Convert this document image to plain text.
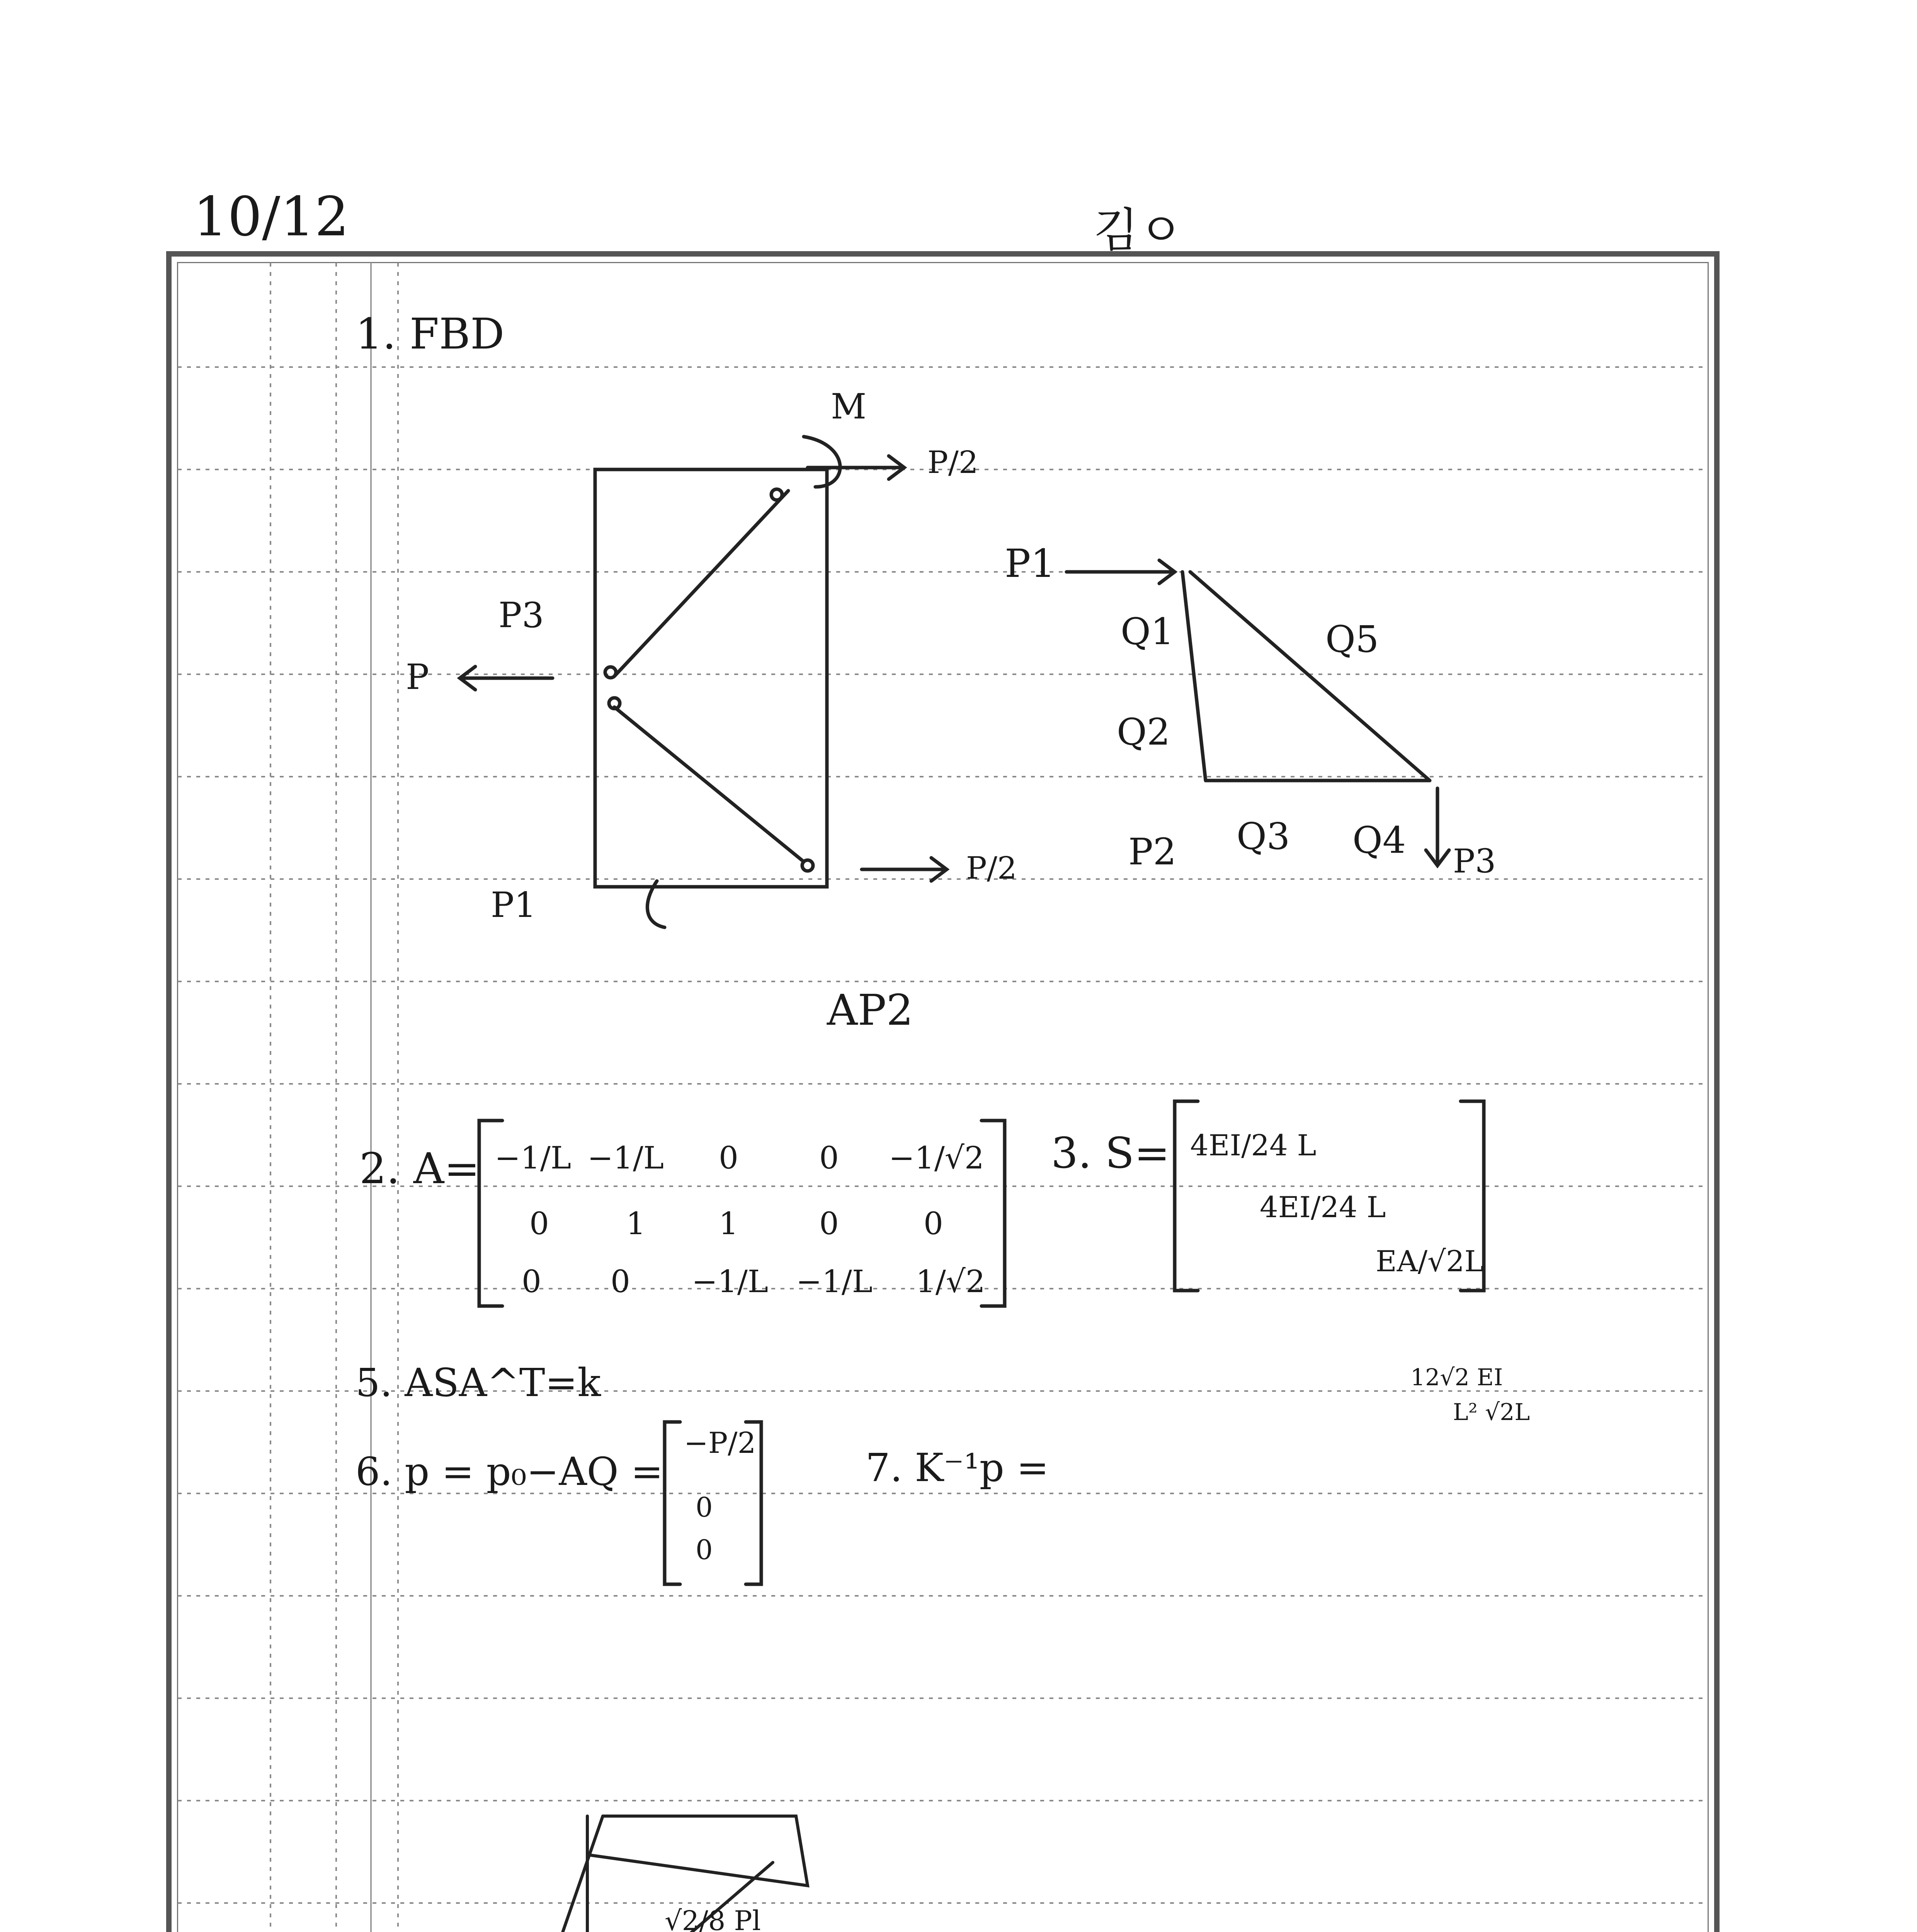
10/12	김ㅇ
1. FBD
P/2
M
P
P3
P1
P/2
AP2
P1
Q1	Q5
Q2
P2 Q3 Q4 P3
2. A= −1/L −1/L 0	0 −1/√2
0 1 1	0	0
0 0 −1/L −1/L 1/√2
3. S= 4EI/24 L
4EI/24 L
EA/√2L
12√2 EI
L² √2L
5. ASA^T=k
6. p = p₀−AQ =
−P/2
0
0
7. K⁻¹p =
√2/8 Pl
